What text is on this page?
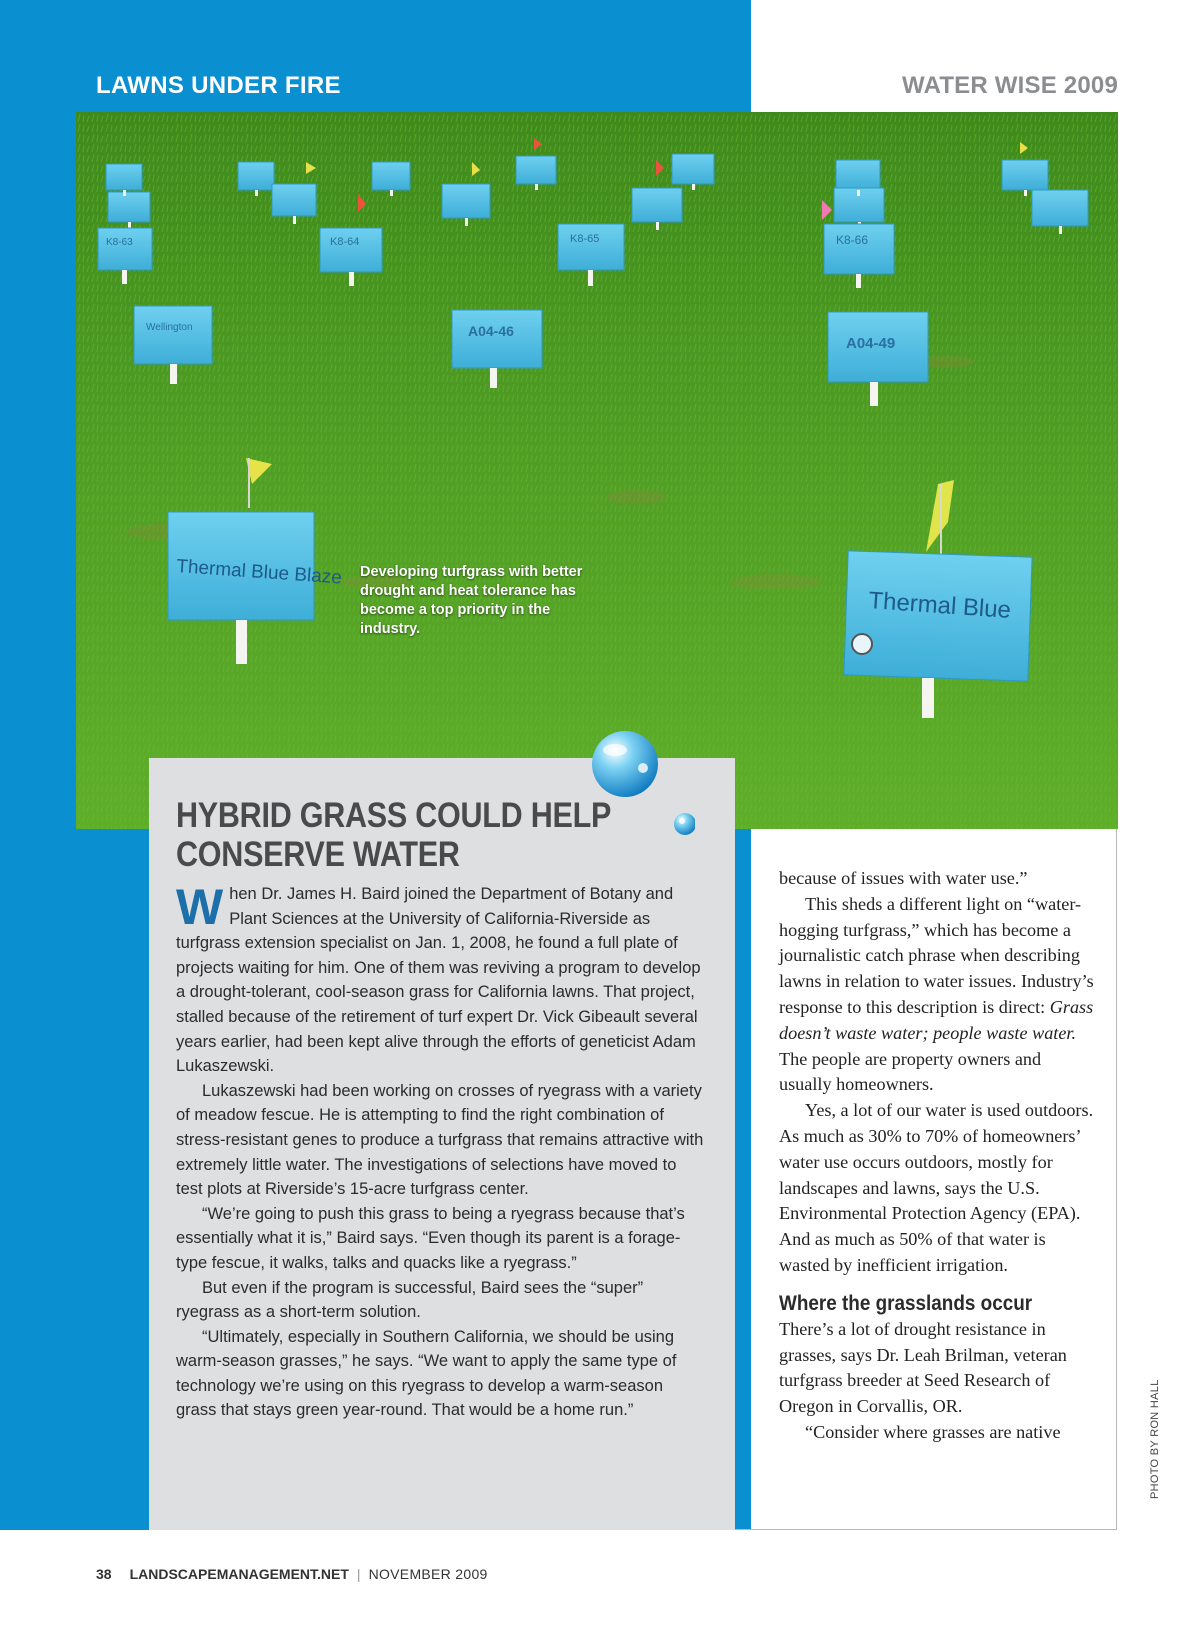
LAWNS UNDER FIRE	WATER WISE 2009
K8-63	K8-64	K8-65	K8-66
Wellington	A04-46
A04-49
Thermal Blue Blaze
Thermal Blue
Developing turfgrass with better drought and heat tolerance has become a top priority in the industry.
HYBRID GRASS COULD HELP CONSERVE WATER

When Dr. James H. Baird joined the Department of Botany and Plant Sciences at the University of California-Riverside as turfgrass extension specialist on Jan. 1, 2008, he found a full plate of projects waiting for him. One of them was reviving a program to develop a drought-tolerant, cool-season grass for California lawns. That project, stalled because of the retirement of turf expert Dr. Vick Gibeault several years earlier, had been kept alive through the efforts of geneticist Adam Lukaszewski.

Lukaszewski had been working on crosses of ryegrass with a variety of meadow fescue. He is attempting to find the right combination of stress-resistant genes to produce a turfgrass that remains attractive with extremely little water. The investigations of selections have moved to test plots at Riverside’s 15-acre turfgrass center.

“We’re going to push this grass to being a ryegrass because that’s essentially what it is,” Baird says. “Even though its parent is a forage-type fescue, it walks, talks and quacks like a ryegrass.”

But even if the program is successful, Baird sees the “super” ryegrass as a short-term solution.

“Ultimately, especially in Southern California, we should be using warm-season grasses,” he says. “We want to apply the same type of technology we’re using on this ryegrass to develop a warm-season grass that stays green year-round. That would be a home run.”

because of issues with water use.”

This sheds a different light on “water-hogging turfgrass,” which has become a journalistic catch phrase when describing lawns in relation to water issues. Industry’s response to this description is direct: Grass doesn’t waste water; people waste water. The people are property owners and usually homeowners.

Yes, a lot of our water is used outdoors. As much as 30% to 70% of homeowners’ water use occurs outdoors, mostly for landscapes and lawns, says the U.S. Environmental Protection Agency (EPA). And as much as 50% of that water is wasted by inefficient irrigation.

Where the grasslands occur

There’s a lot of drought resistance in grasses, says Dr. Leah Brilman, veteran turfgrass breeder at Seed Research of Oregon in Corvallis, OR.

“Consider where grasses are native	PHOTO BY RON HALL
38 LANDSCAPEMANAGEMENT.NET | NOVEMBER 2009
